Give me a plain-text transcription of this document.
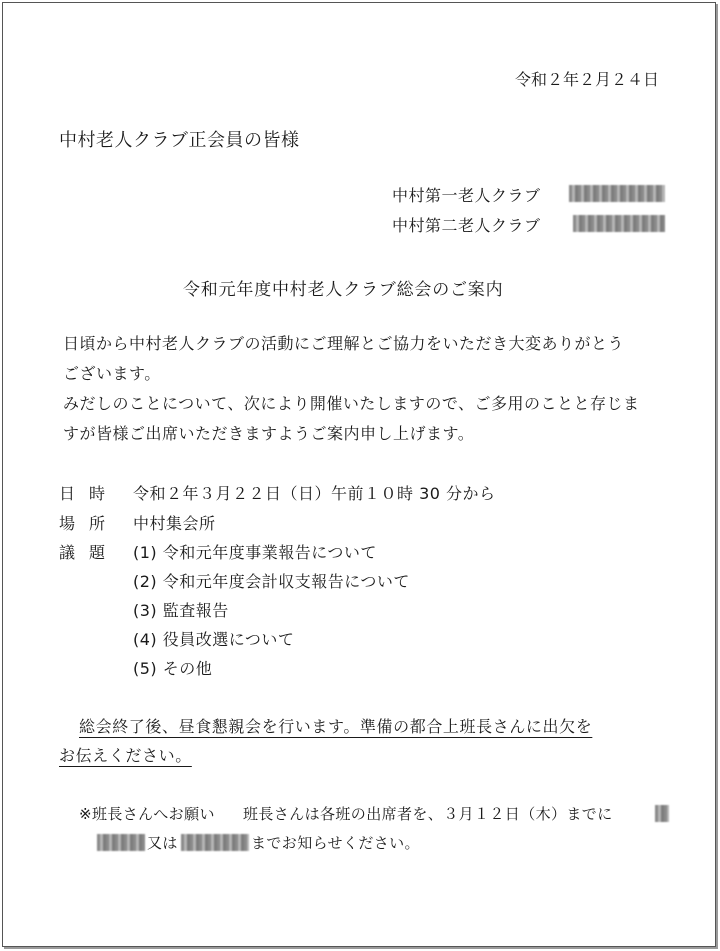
令和２年２月２４日
中村老人クラブ正会員の皆様
中村第一老人クラブ
中村第二老人クラブ
令和元年度中村老人クラブ総会のご案内
日頃から中村老人クラブの活動にご理解とご協力をいただき大変ありがとう
ございます。
みだしのことについて、次により開催いたしますので、ご多用のことと存じま
すが皆様ご出席いただきますようご案内申し上げます。
日時 令和２年３月２２日（日）午前１０時 30 分から
場所 中村集会所
議題 (1) 令和元年度事業報告について
(2) 令和元年度会計収支報告について
(3) 監査報告
(4) 役員改選について
(5) その他
総会終了後、昼食懇親会を行います。準備の都合上班長さんに出欠を
お伝えください。
※班長さんへお願い 班長さんは各班の出席者を、３月１２日（木）までに
又は	までお知らせください。
